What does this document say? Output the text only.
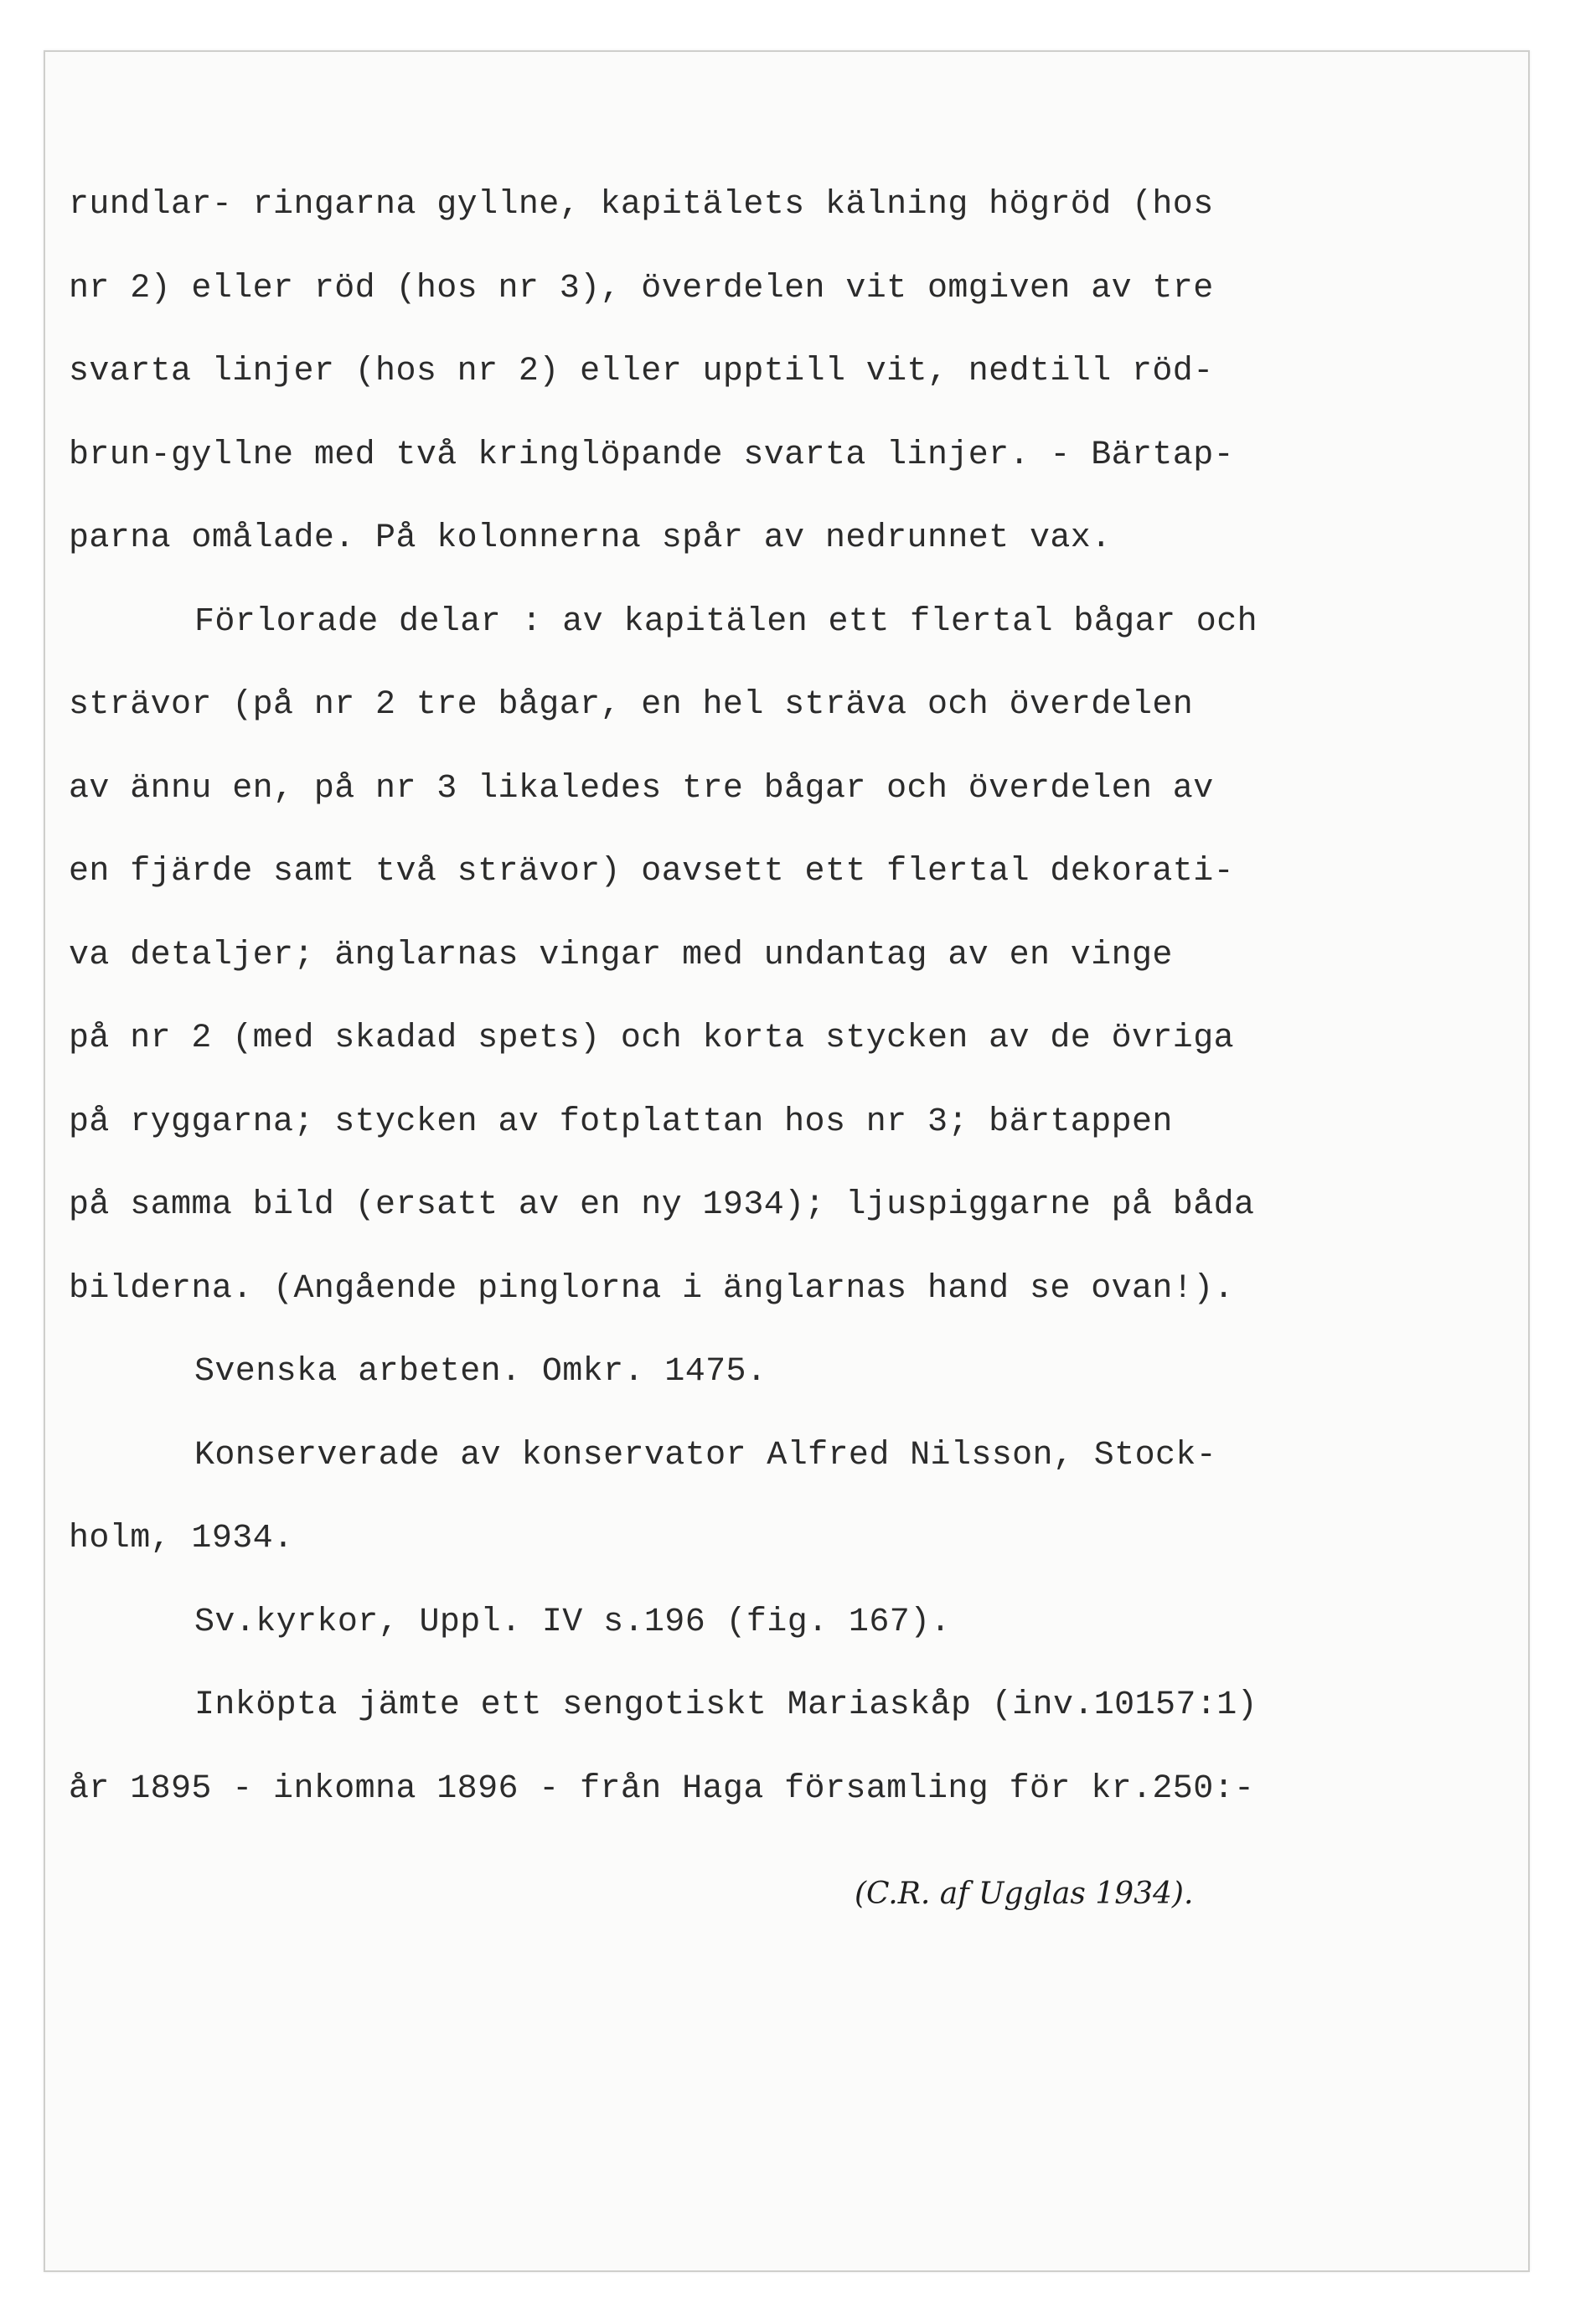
rundlar- ringarna gyllne, kapitälets kälning högröd (hos
nr 2) eller röd (hos nr 3), överdelen vit omgiven av tre
svarta linjer (hos nr 2) eller upptill vit, nedtill röd-
brun-gyllne med två kringlöpande svarta linjer. - Bärtap-
parna omålade. På kolonnerna spår av nedrunnet vax.
Förlorade delar : av kapitälen ett flertal bågar och
strävor (på nr 2 tre bågar, en hel sträva och överdelen
av ännu en, på nr 3 likaledes tre bågar och överdelen av
en fjärde samt två strävor) oavsett ett flertal dekorati-
va detaljer; änglarnas vingar med undantag av en vinge
på nr 2 (med skadad spets) och korta stycken av de övriga
på ryggarna; stycken av fotplattan hos nr 3; bärtappen
på samma bild (ersatt av en ny 1934); ljuspiggarne på båda
bilderna. (Angående pinglorna i änglarnas hand se ovan!).
Svenska arbeten. Omkr. 1475.
Konserverade av konservator Alfred Nilsson, Stock-
holm, 1934.
Sv.kyrkor, Uppl. IV s.196 (fig. 167).
Inköpta jämte ett sengotiskt Mariaskåp (inv.10157:1)
år 1895 - inkomna 1896 - från Haga församling för kr.250:-
(C.R. af Ugglas 1934).
